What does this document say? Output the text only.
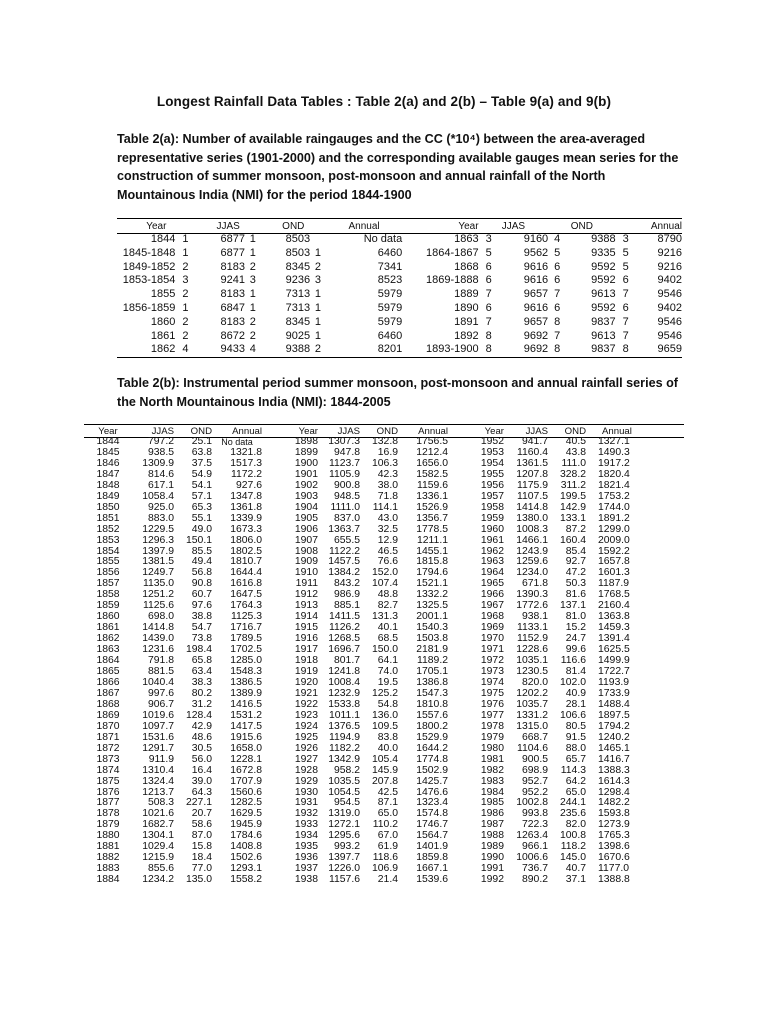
Longest Rainfall Data Tables : Table 2(a) and 2(b) – Table 9(a) and 9(b)
Table 2(a): Number of available raingauges and the CC (*10⁴) between the area-averaged representative series (1901-2000) and the corresponding available gauges mean series for the construction of summer monsoon, post-monsoon and annual rainfall of the North Mountainous India (NMI) for the period 1844-1900
Year		JJAS		OND		Annual	Year	JJAS		OND		Annual	
1844	1	6877	1	8503		No data	1863	3	9160	4	9388	3	8790
1845-1848	1	6877	1	8503	1	6460	1864-1867	5	9562	5	9335	5	9216
1849-1852	2	8183	2	8345	2	7341	1868	6	9616	6	9592	5	9216
1853-1854	3	9241	3	9236	3	8523	1869-1888	6	9616	6	9592	6	9402
1855	2	8183	1	7313	1	5979	1889	7	9657	7	9613	7	9546
1856-1859	1	6847	1	7313	1	5979	1890	6	9616	6	9592	6	9402
1860	2	8183	2	8345	1	5979	1891	7	9657	8	9837	7	9546
1861	2	8672	2	9025	1	6460	1892	8	9692	7	9613	7	9546
1862	4	9433	4	9388	2	8201	1893-1900	8	9692	8	9837	8	9659
Table 2(b): Instrumental period summer monsoon, post-monsoon and annual rainfall series of the North Mountainous India (NMI): 1844-2005
Year	JJAS	OND	Annual	Year	JJAS	OND	Annual	Year	JJAS	OND	Annual
1844	797.2	25.1	No data	1898	1307.3	132.8	1756.5	1952	941.7	40.5	1327.1
1845	938.5	63.8	1321.8	1899	947.8	16.9	1212.4	1953	1160.4	43.8	1490.3
1846	1309.9	37.5	1517.3	1900	1123.7	106.3	1656.0	1954	1361.5	111.0	1917.2
1847	814.6	54.9	1172.2	1901	1105.9	42.3	1582.5	1955	1207.8	328.2	1820.4
1848	617.1	54.1	927.6	1902	900.8	38.0	1159.6	1956	1175.9	311.2	1821.4
1849	1058.4	57.1	1347.8	1903	948.5	71.8	1336.1	1957	1107.5	199.5	1753.2
1850	925.0	65.3	1361.8	1904	1111.0	114.1	1526.9	1958	1414.8	142.9	1744.0
1851	883.0	55.1	1339.9	1905	837.0	43.0	1356.7	1959	1380.0	133.1	1891.2
1852	1229.5	49.0	1673.3	1906	1363.7	32.5	1778.5	1960	1008.3	87.2	1299.0
1853	1296.3	150.1	1806.0	1907	655.5	12.9	1211.1	1961	1466.1	160.4	2009.0
1854	1397.9	85.5	1802.5	1908	1122.2	46.5	1455.1	1962	1243.9	85.4	1592.2
1855	1381.5	49.4	1810.7	1909	1457.5	76.6	1815.8	1963	1259.6	92.7	1657.8
1856	1249.7	56.8	1644.4	1910	1384.2	152.0	1794.6	1964	1234.0	47.2	1601.3
1857	1135.0	90.8	1616.8	1911	843.2	107.4	1521.1	1965	671.8	50.3	1187.9
1858	1251.2	60.7	1647.5	1912	986.9	48.8	1332.2	1966	1390.3	81.6	1768.5
1859	1125.6	97.6	1764.3	1913	885.1	82.7	1325.5	1967	1772.6	137.1	2160.4
1860	698.0	38.8	1125.3	1914	1411.5	131.3	2001.1	1968	938.1	81.0	1363.8
1861	1414.8	54.7	1716.7	1915	1126.2	40.1	1540.3	1969	1133.1	15.2	1459.3
1862	1439.0	73.8	1789.5	1916	1268.5	68.5	1503.8	1970	1152.9	24.7	1391.4
1863	1231.6	198.4	1702.5	1917	1696.7	150.0	2181.9	1971	1228.6	99.6	1625.5
1864	791.8	65.8	1285.0	1918	801.7	64.1	1189.2	1972	1035.1	116.6	1499.9
1865	881.5	63.4	1548.3	1919	1241.8	74.0	1705.1	1973	1230.5	81.4	1722.7
1866	1040.4	38.3	1386.5	1920	1008.4	19.5	1386.8	1974	820.0	102.0	1193.9
1867	997.6	80.2	1389.9	1921	1232.9	125.2	1547.3	1975	1202.2	40.9	1733.9
1868	906.7	31.2	1416.5	1922	1533.8	54.8	1810.8	1976	1035.7	28.1	1488.4
1869	1019.6	128.4	1531.2	1923	1011.1	136.0	1557.6	1977	1331.2	106.6	1897.5
1870	1097.7	42.9	1417.5	1924	1376.5	109.5	1800.2	1978	1315.0	80.5	1794.2
1871	1531.6	48.6	1915.6	1925	1194.9	83.8	1529.9	1979	668.7	91.5	1240.2
1872	1291.7	30.5	1658.0	1926	1182.2	40.0	1644.2	1980	1104.6	88.0	1465.1
1873	911.9	56.0	1228.1	1927	1342.9	105.4	1774.8	1981	900.5	65.7	1416.7
1874	1310.4	16.4	1672.8	1928	958.2	145.9	1502.9	1982	698.9	114.3	1388.3
1875	1324.4	39.0	1707.9	1929	1035.5	207.8	1425.7	1983	952.7	64.2	1614.3
1876	1213.7	64.3	1560.6	1930	1054.5	42.5	1476.6	1984	952.2	65.0	1298.4
1877	508.3	227.1	1282.5	1931	954.5	87.1	1323.4	1985	1002.8	244.1	1482.2
1878	1021.6	20.7	1629.5	1932	1319.0	65.0	1574.8	1986	993.8	235.6	1593.8
1879	1682.7	58.6	1945.9	1933	1272.1	110.2	1746.7	1987	722.3	82.0	1273.9
1880	1304.1	87.0	1784.6	1934	1295.6	67.0	1564.7	1988	1263.4	100.8	1765.3
1881	1029.4	15.8	1408.8	1935	993.2	61.9	1401.9	1989	966.1	118.2	1398.6
1882	1215.9	18.4	1502.6	1936	1397.7	118.6	1859.8	1990	1006.6	145.0	1670.6
1883	855.6	77.0	1293.1	1937	1226.0	106.9	1667.1	1991	736.7	40.7	1177.0
1884	1234.2	135.0	1558.2	1938	1157.6	21.4	1539.6	1992	890.2	37.1	1388.8
